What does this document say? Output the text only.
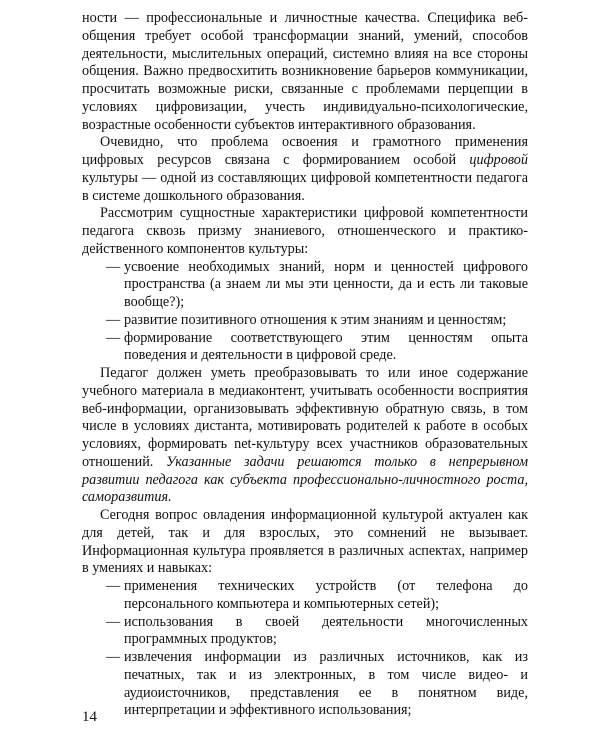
ности — профессиональные и личностные качества. Специфика веб-общения требует особой трансформации знаний, умений, способов деятельности, мыслительных операций, системно влияя на все стороны общения. Важно предвосхитить возникновение барьеров коммуникации, просчитать возможные риски, связанные с проблемами перцепции в условиях цифровизации, учесть индивидуально-психологические, возрастные особенности субъектов интерактивного образования.

Очевидно, что проблема освоения и грамотного применения цифровых ресурсов связана с формированием особой цифровой культуры — одной из составляющих цифровой компетентности педагога в системе дошкольного образования.

Рассмотрим сущностные характеристики цифровой компетентности педагога сквозь призму знаниевого, отношенческого и практико-действенного компонентов культуры:

— усвоение необходимых знаний, норм и ценностей цифрового пространства (а знаем ли мы эти ценности, да и есть ли таковые вообще?);
— развитие позитивного отношения к этим знаниям и ценностям;
— формирование соответствующего этим ценностям опыта поведения и деятельности в цифровой среде.

Педагог должен уметь преобразовывать то или иное содержание учебного материала в медиаконтент, учитывать особенности восприятия веб-информации, организовывать эффективную обратную связь, в том числе в условиях дистанта, мотивировать родителей к работе в особых условиях, формировать net-культуру всех участников образовательных отношений. Указанные задачи решаются только в непрерывном развитии педагога как субъекта профессионально-личностного роста, саморазвития.

Сегодня вопрос овладения информационной культурой актуален как для детей, так и для взрослых, это сомнений не вызывает. Информационная культура проявляется в различных аспектах, например в умениях и навыках:

— применения технических устройств (от телефона до персонального компьютера и компьютерных сетей);
— использования в своей деятельности многочисленных программных продуктов;
— извлечения информации из различных источников, как из печатных, так и из электронных, в том числе видео- и аудиоисточников, представления ее в понятном виде, интерпретации и эффективного использования;
14
